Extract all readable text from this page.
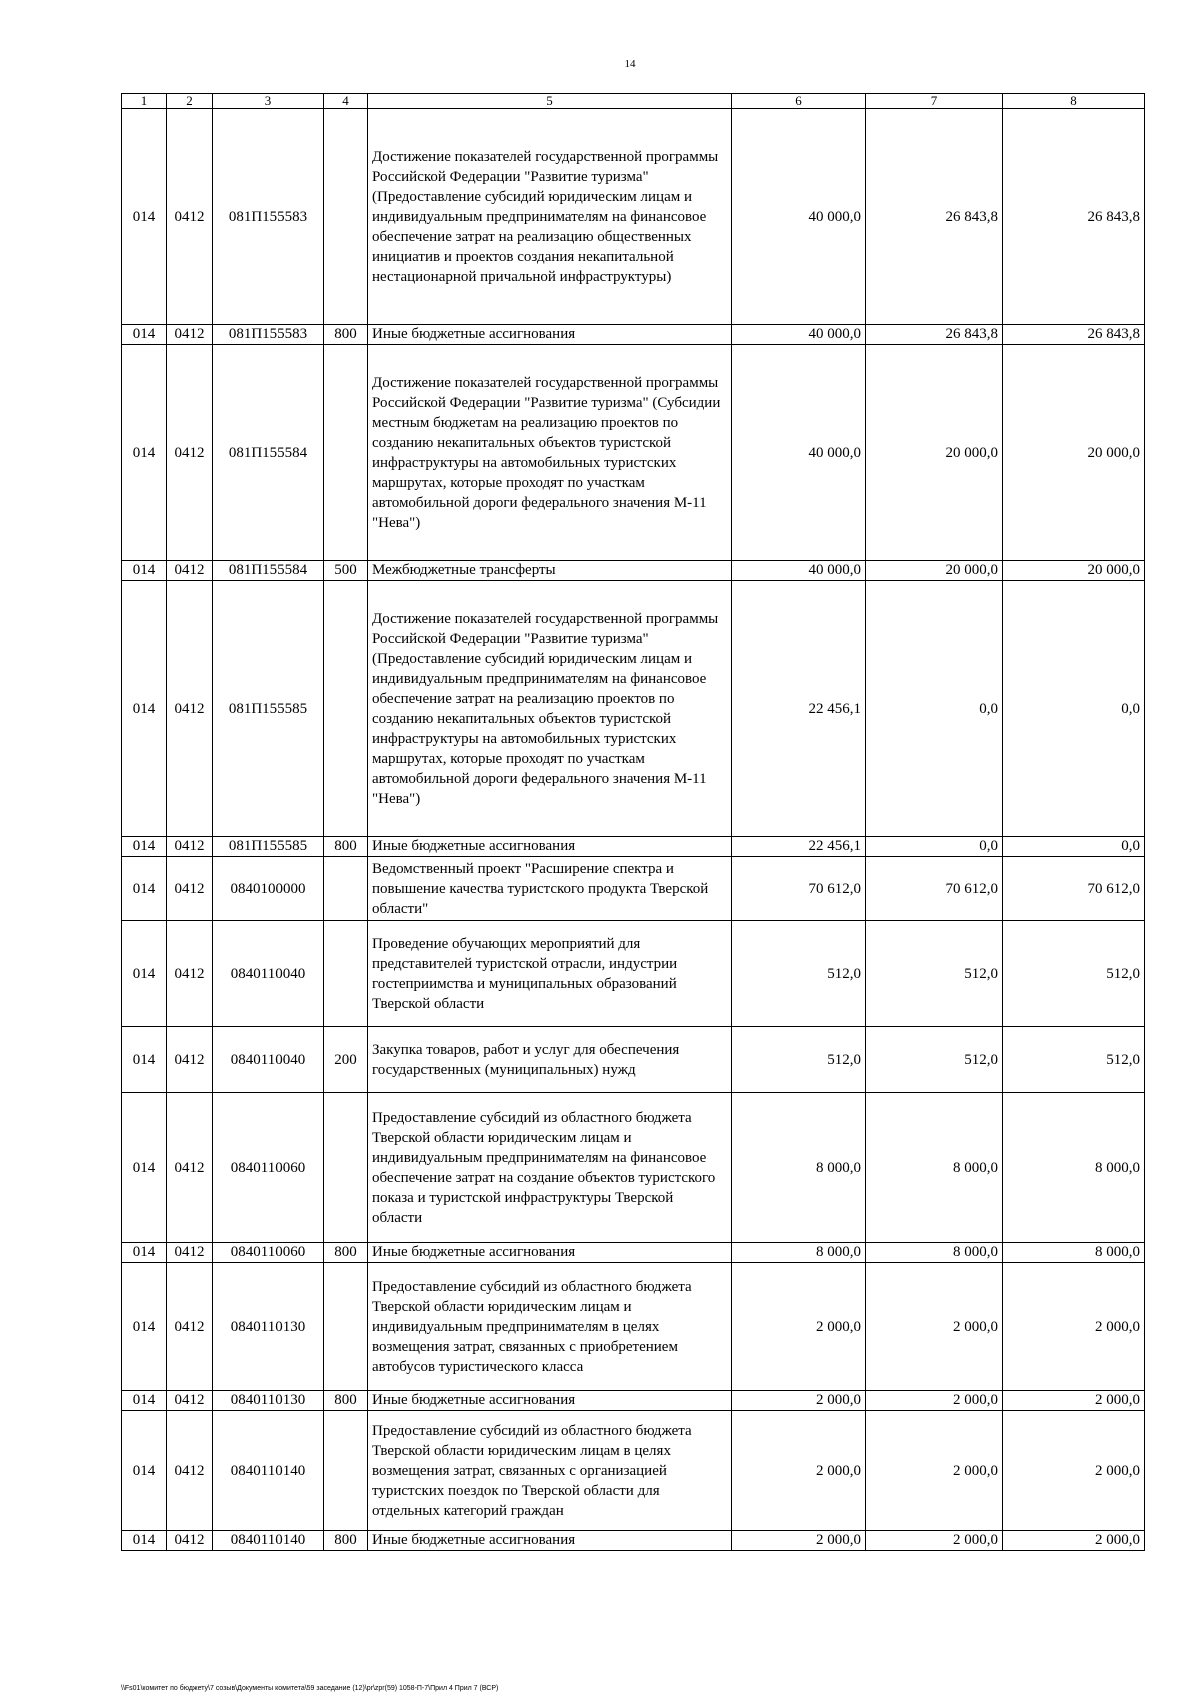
14
1	2	3	4	5	6	7	8
014	0412	081П155583		Достижение показателей государственной программы Российской Федерации "Развитие туризма" (Предоставление субсидий юридическим лицам и индивидуальным предпринимателям на финансовое обеспечение затрат на реализацию общественных инициатив и проектов создания некапитальной нестационарной причальной инфраструктуры)	40 000,0	26 843,8	26 843,8
014	0412	081П155583	800	Иные бюджетные ассигнования	40 000,0	26 843,8	26 843,8
014	0412	081П155584		Достижение показателей государственной программы Российской Федерации "Развитие туризма" (Субсидии местным бюджетам на реализацию проектов по созданию некапитальных объектов туристской инфраструктуры на автомобильных туристских маршрутах, которые проходят по участкам автомобильной дороги федерального значения М-11 "Нева")	40 000,0	20 000,0	20 000,0
014	0412	081П155584	500	Межбюджетные трансферты	40 000,0	20 000,0	20 000,0
014	0412	081П155585		Достижение показателей государственной программы Российской Федерации "Развитие туризма" (Предоставление субсидий юридическим лицам и индивидуальным предпринимателям на финансовое обеспечение затрат на реализацию проектов по созданию некапитальных объектов туристской инфраструктуры на автомобильных туристских маршрутах, которые проходят по участкам автомобильной дороги федерального значения М-11 "Нева")	22 456,1	0,0	0,0
014	0412	081П155585	800	Иные бюджетные ассигнования	22 456,1	0,0	0,0
014	0412	0840100000		Ведомственный проект "Расширение спектра и повышение качества туристского продукта Тверской области"	70 612,0	70 612,0	70 612,0
014	0412	0840110040		Проведение обучающих мероприятий для представителей туристской отрасли, индустрии гостеприимства и муниципальных образований Тверской области	512,0	512,0	512,0
014	0412	0840110040	200	Закупка товаров, работ и услуг для обеспечения государственных (муниципальных) нужд	512,0	512,0	512,0
014	0412	0840110060		Предоставление субсидий из областного бюджета Тверской области юридическим лицам и индивидуальным предпринимателям на финансовое обеспечение затрат на создание объектов туристского показа и туристской инфраструктуры Тверской области	8 000,0	8 000,0	8 000,0
014	0412	0840110060	800	Иные бюджетные ассигнования	8 000,0	8 000,0	8 000,0
014	0412	0840110130		Предоставление субсидий из областного бюджета Тверской области юридическим лицам и индивидуальным предпринимателям в целях возмещения затрат, связанных с приобретением автобусов туристического класса	2 000,0	2 000,0	2 000,0
014	0412	0840110130	800	Иные бюджетные ассигнования	2 000,0	2 000,0	2 000,0
014	0412	0840110140		Предоставление субсидий из областного бюджета Тверской области юридическим лицам в целях возмещения затрат, связанных с организацией туристских поездок по Тверской области для отдельных категорий граждан	2 000,0	2 000,0	2 000,0
014	0412	0840110140	800	Иные бюджетные ассигнования	2 000,0	2 000,0	2 000,0
\\Fs01\комитет по бюджету\7 созыв\Документы комитета\59 заседание (12)\pr\zpr(59) 1058-П-7\Прил 4 Прил 7 (ВСР)
